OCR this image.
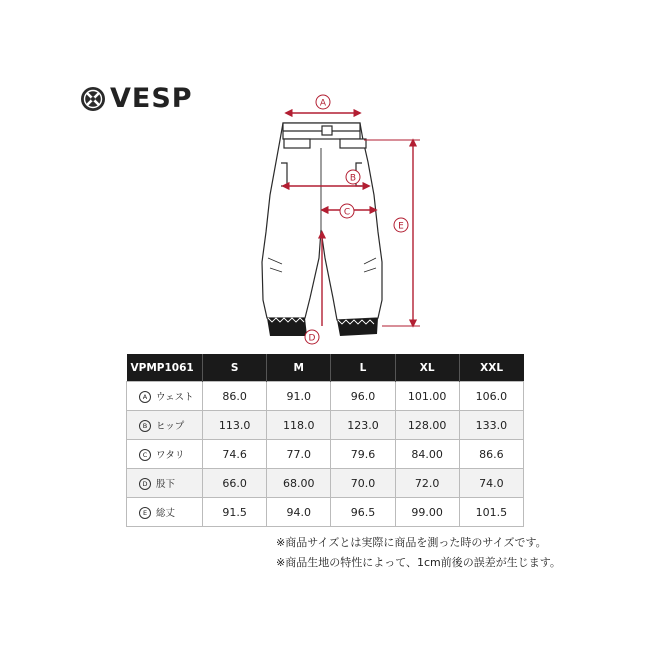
VESP	A
B
C
D
E
VPMP1061	S	M	L	XL	XXL
A ウェスト	86.0	91.0	96.0	101.00	106.0
B ヒップ	113.0	118.0	123.0	128.00	133.0
C ワタリ	74.6	77.0	79.6	84.00	86.6
D 股下	66.0	68.00	70.0	72.0	74.0
E 総丈	91.5	94.0	96.5	99.00	101.5
※商品サイズとは実際に商品を測った時のサイズです。
※商品生地の特性によって、1cm前後の誤差が生じます。
